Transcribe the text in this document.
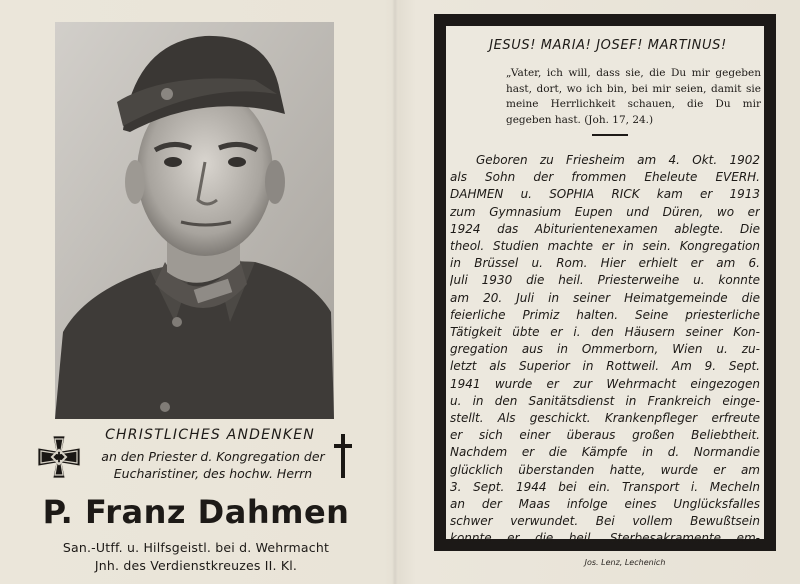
CHRISTLICHES ANDENKEN
an den Priester d. Kongregation der
Eucharistiner, des hochw. Herrn
P. Franz Dahmen
San.-Utff. u. Hilfsgeistl. bei d. Wehrmacht
Jnh. des Verdienstkreuzes II. Kl.
JESUS! MARIA! JOSEF! MARTINUS!
„Vater, ich will, dass sie, die Du mir gegeben hast, dort, wo ich bin, bei mir seien, damit sie meine Herrlichkeit schauen, die Du mir gegeben hast. (Joh. 17, 24.)
Geboren zu Friesheim am 4. Okt. 1902
als Sohn der frommen Eheleute EVERH.
DAHMEN u. SOPHIA RICK kam er 1913
zum Gymnasium Eupen und Düren, wo er
1924 das Abiturientenexamen ablegte. Die
theol. Studien machte er in sein. Kongregation
in Brüssel u. Rom. Hier erhielt er am 6.
Juli 1930 die heil. Priesterweihe u. konnte
am 20. Juli in seiner Heimatgemeinde die
feierliche Primiz halten. Seine priesterliche
Tätigkeit übte er i. den Häusern seiner Kon-
gregation aus in Ommerborn, Wien u. zu-
letzt als Superior in Rottweil. Am 9. Sept.
1941 wurde er zur Wehrmacht eingezogen
u. in den Sanitätsdienst in Frankreich einge-
stellt. Als geschickt. Krankenpfleger erfreute
er sich einer überaus großen Beliebtheit.
Nachdem er die Kämpfe in d. Normandie
glücklich überstanden hatte, wurde er am
3. Sept. 1944 bei ein. Transport i. Mecheln
an der Maas infolge eines Unglücksfalles
schwer verwundet. Bei vollem Bewußtsein
konnte er die heil. Sterbesakramente em-
Jos. Lenz, Lechenich
